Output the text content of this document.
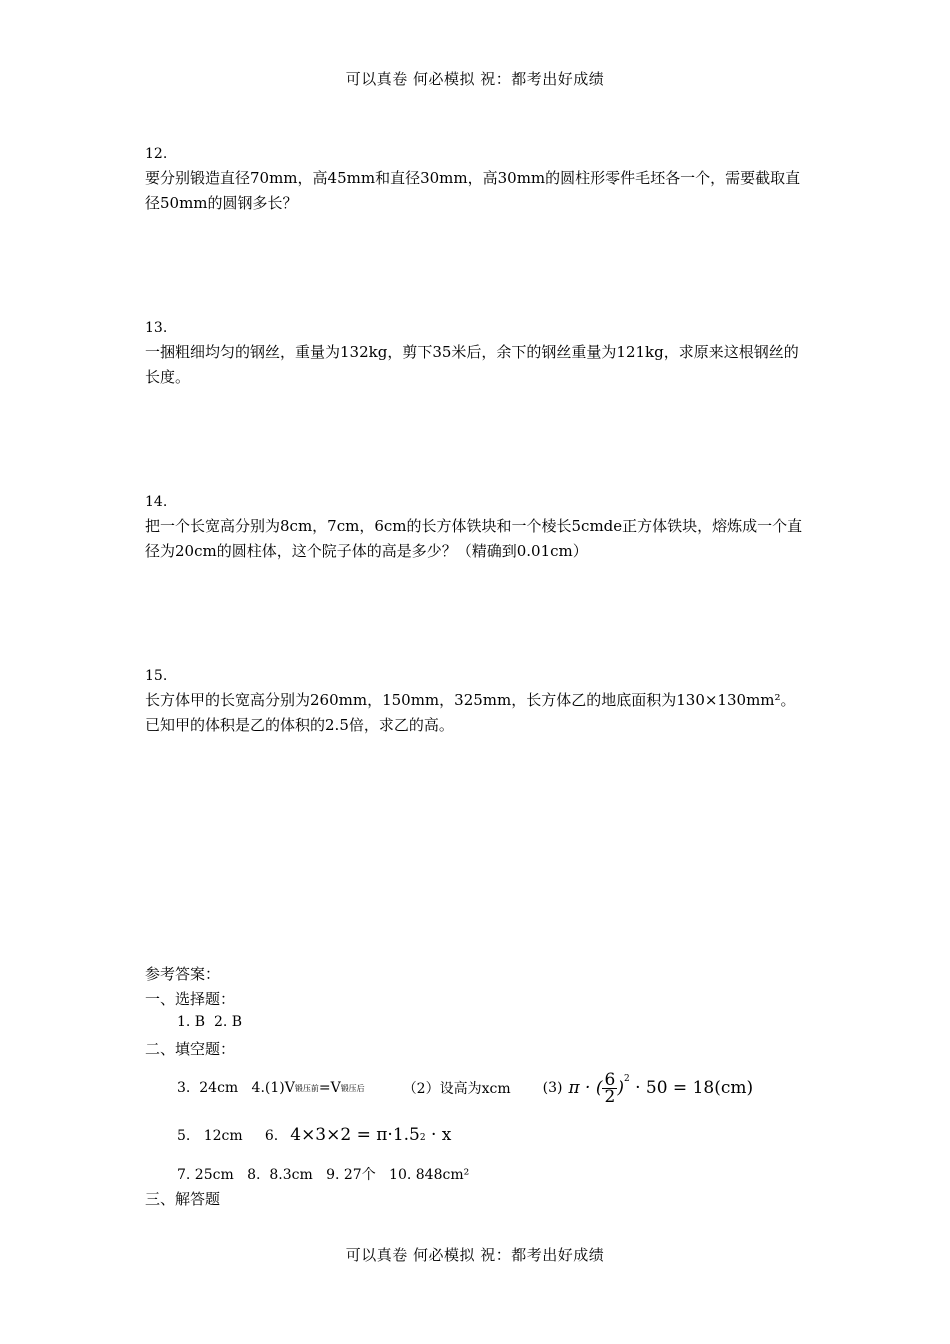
可以真卷 何必模拟 祝：都考出好成绩
12.
要分别锻造直径70mm，高45mm和直径30mm，高30mm的圆柱形零件毛坯各一个，需要截取直径50mm的圆钢多长？
13.
一捆粗细均匀的钢丝，重量为132kg，剪下35米后，余下的钢丝重量为121kg，求原来这根钢丝的长度。
14.
把一个长宽高分别为8cm，7cm，6cm的长方体铁块和一个棱长5cmde正方体铁块，熔炼成一个直径为20cm的圆柱体，这个院子体的高是多少？（精确到0.01cm）
15.
长方体甲的长宽高分别为260mm，150mm，325mm，长方体乙的地底面积为130×130mm²。已知甲的体积是乙的体积的2.5倍，求乙的高。
参考答案：
一、选择题：
1. B  2. B
二、填空题：
3.  24cm   4.(1)V 锻压前 =V 锻压后	（2）设高为xcm (3) π · ( $\frac{6}{2} )^2 \cdot 50 = 18(cm)$
5.   12cm     6. $4\times 3\times 2 = \pi\cdot 1.5_2 \cdot x$
7. 25cm   8.  8.3cm   9. 27个   10. 848cm²
三、解答题
可以真卷 何必模拟 祝：都考出好成绩
